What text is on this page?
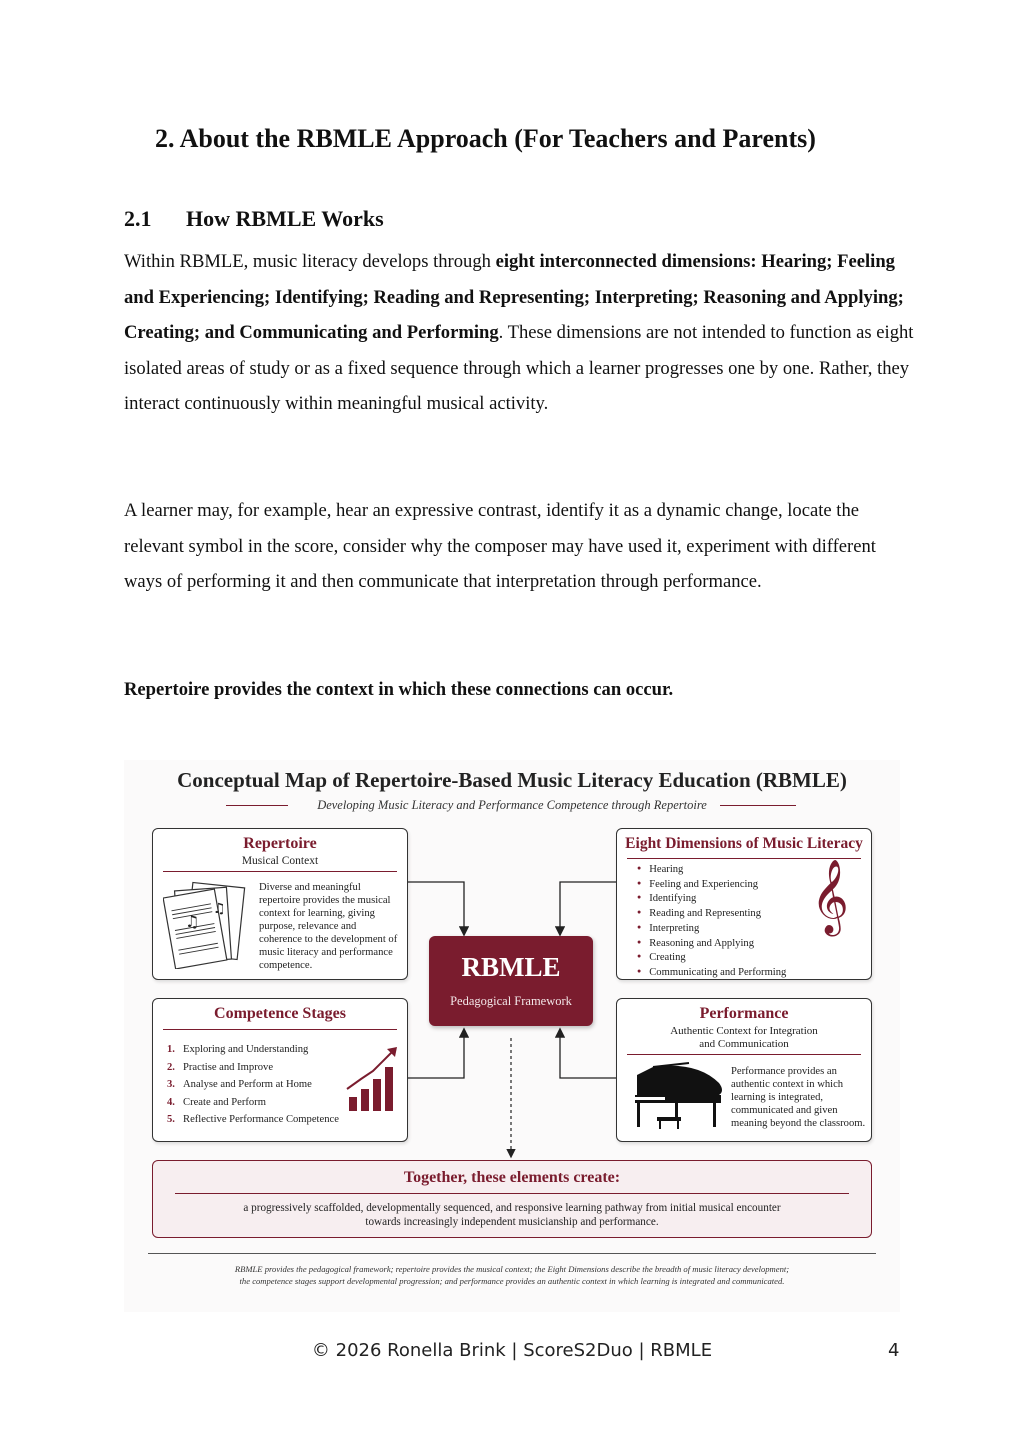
2. About the RBMLE Approach (For Teachers and Parents)
2.1 How RBMLE Works
Within RBMLE, music literacy develops through eight interconnected dimensions: Hearing; Feeling and Experiencing; Identifying; Reading and Representing; Interpreting; Reasoning and Applying; Creating; and Communicating and Performing. These dimensions are not intended to function as eight isolated areas of study or as a fixed sequence through which a learner progresses one by one. Rather, they interact continuously within meaningful musical activity.
A learner may, for example, hear an expressive contrast, identify it as a dynamic change, locate the relevant symbol in the score, consider why the composer may have used it, experiment with different ways of performing it and then communicate that interpretation through performance.
Repertoire provides the context in which these connections can occur.
Conceptual Map of Repertoire-Based Music Literacy Education (RBMLE)
Developing Music Literacy and Performance Competence through Repertoire
Repertoire
Musical Context
♫
♫
Diverse and meaningful repertoire provides the musical context for learning, giving purpose, relevance and coherence to the development of music literacy and performance competence.
Eight Dimensions of Music Literacy
● Hearing
● Feeling and Experiencing
● Identifying
● Reading and Representing
● Interpreting
● Reasoning and Applying
● Creating
● Communicating and Performing
𝄞
RBMLE
Pedagogical Framework
Competence Stages
1. Exploring and Understanding
2. Practise and Improve
3. Analyse and Perform at Home
4. Create and Perform
5. Reflective Performance Competence
Performance
Authentic Context for Integration
and Communication
Performance provides an authentic context in which learning is integrated, communicated and given meaning beyond the classroom.
Together, these elements create:
a progressively scaffolded, developmentally sequenced, and responsive learning pathway from initial musical encounter
towards increasingly independent musicianship and performance.
RBMLE provides the pedagogical framework; repertoire provides the musical context; the Eight Dimensions describe the breadth of music literacy development;
the competence stages support developmental progression; and performance provides an authentic context in which learning is integrated and communicated.
© 2026 Ronella Brink | ScoreS2Duo | RBMLE	4
